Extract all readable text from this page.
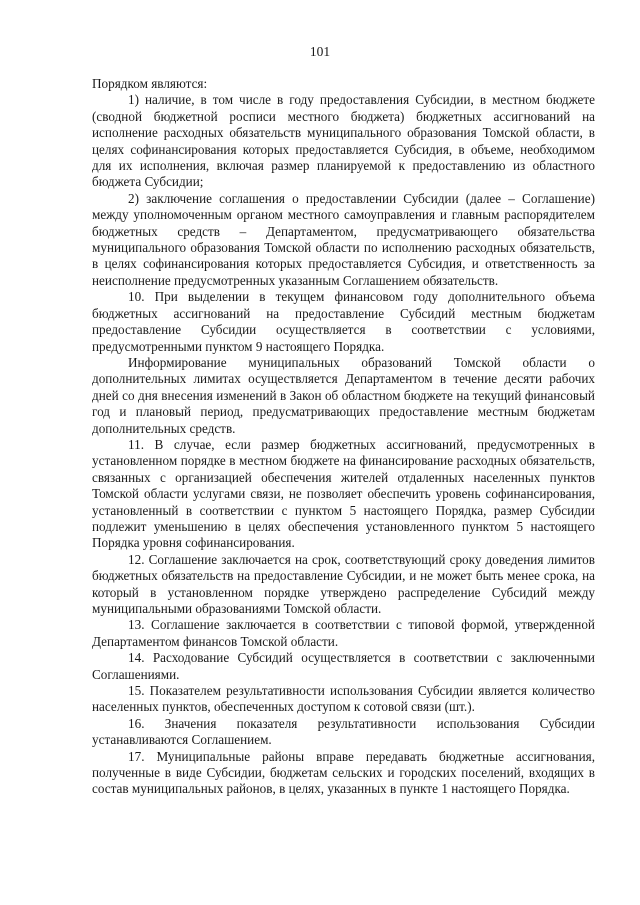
101

Порядком являются:

1) наличие, в том числе в году предоставления Субсидии, в местном бюджете (сводной бюджетной росписи местного бюджета) бюджетных ассигнований на исполнение расходных обязательств муниципального образования Томской области, в целях софинансирования которых предоставляется Субсидия, в объеме, необходимом для их исполнения, включая размер планируемой к предоставлению из областного бюджета Субсидии;

2) заключение соглашения о предоставлении Субсидии (далее – Соглашение) между уполномоченным органом местного самоуправления и главным распорядителем бюджетных средств – Департаментом, предусматривающего обязательства муниципального образования Томской области по исполнению расходных обязательств, в целях софинансирования которых предоставляется Субсидия, и ответственность за неисполнение предусмотренных указанным Соглашением обязательств.

10. При выделении в текущем финансовом году дополнительного объема бюджетных ассигнований на предоставление Субсидий местным бюджетам предоставление Субсидии осуществляется в соответствии с условиями, предусмотренными пунктом 9 настоящего Порядка.

Информирование муниципальных образований Томской области о дополнительных лимитах осуществляется Департаментом в течение десяти рабочих дней со дня внесения изменений в Закон об областном бюджете на текущий финансовый год и плановый период, предусматривающих предоставление местным бюджетам дополнительных средств.

11. В случае, если размер бюджетных ассигнований, предусмотренных в установленном порядке в местном бюджете на финансирование расходных обязательств, связанных с организацией обеспечения жителей отдаленных населенных пунктов Томской области услугами связи, не позволяет обеспечить уровень софинансирования, установленный в соответствии с пунктом 5 настоящего Порядка, размер Субсидии подлежит уменьшению в целях обеспечения установленного пунктом 5 настоящего Порядка уровня софинансирования.

12. Соглашение заключается на срок, соответствующий сроку доведения лимитов бюджетных обязательств на предоставление Субсидии, и не может быть менее срока, на который в установленном порядке утверждено распределение Субсидий между муниципальными образованиями Томской области.

13. Соглашение заключается в соответствии с типовой формой, утвержденной Департаментом финансов Томской области.

14. Расходование Субсидий осуществляется в соответствии с заключенными Соглашениями.

15. Показателем результативности использования Субсидии является количество населенных пунктов, обеспеченных доступом к сотовой связи (шт.).

16. Значения показателя результативности использования Субсидии устанавливаются Соглашением.

17. Муниципальные районы вправе передавать бюджетные ассигнования, полученные в виде Субсидии, бюджетам сельских и городских поселений, входящих в состав муниципальных районов, в целях, указанных в пункте 1 настоящего Порядка.
